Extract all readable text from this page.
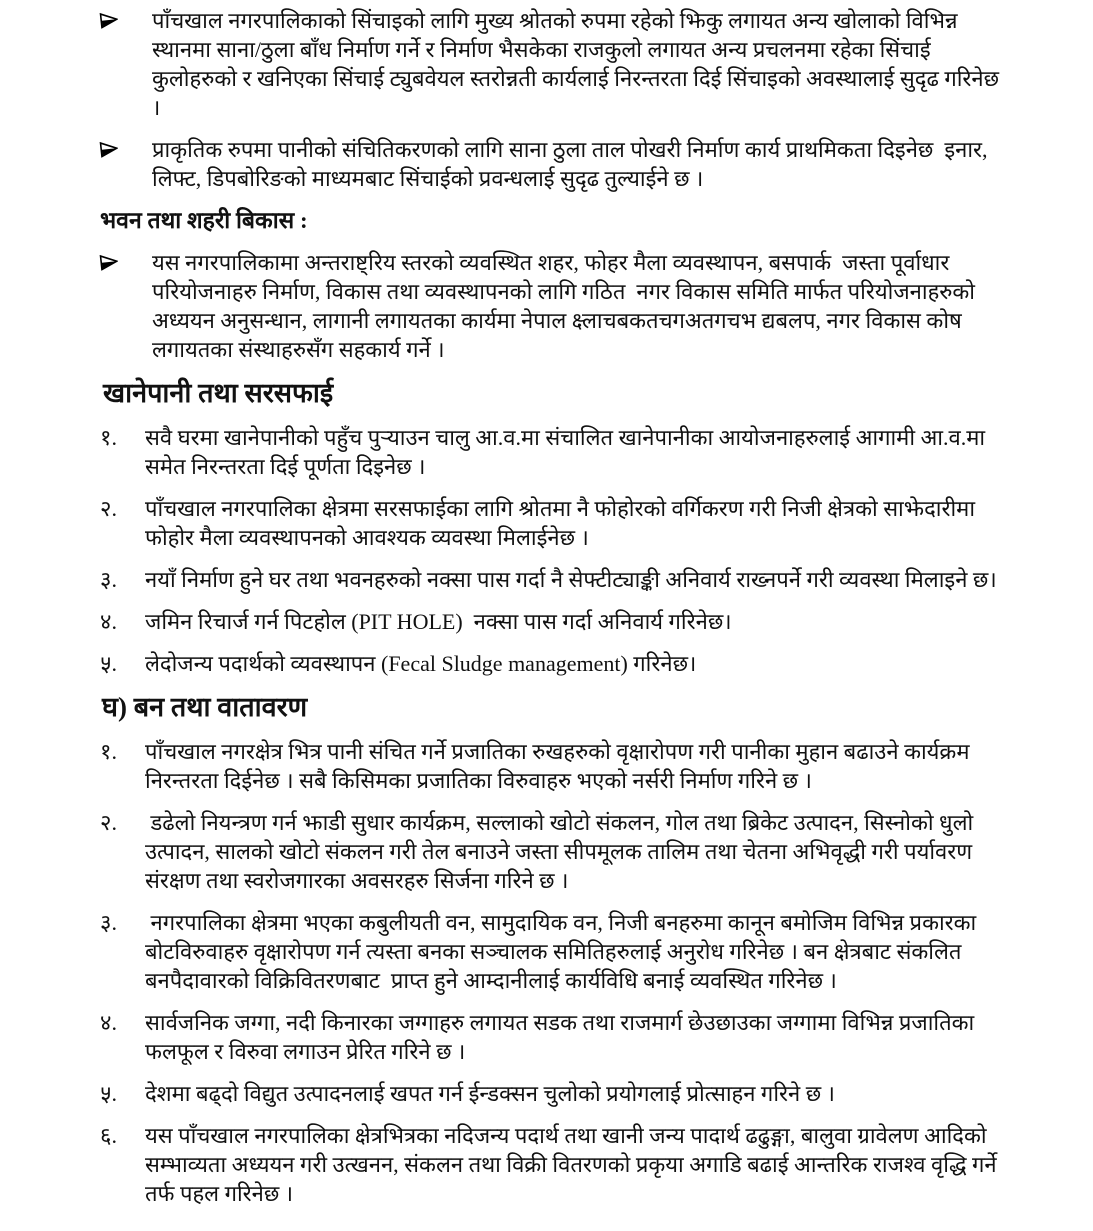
पाँचखाल नगरपालिकाको सिंचाइको लागि मुख्य श्रोतको रुपमा रहेको झिकु लगायत अन्य खोलाको विभिन्न स्थानमा साना/ठुला बाँध निर्माण गर्ने र निर्माण भैसकेका राजकुलो लगायत अन्य प्रचलनमा रहेका सिंचाई कुलोहरुको र खनिएका सिंचाई ट्युबवेयल स्तरोन्नती कार्यलाई निरन्तरता दिई सिंचाइको अवस्थालाई सुदृढ गरिनेछ ।

प्राकृतिक रुपमा पानीको संचितिकरणको लागि साना ठुला ताल पोखरी निर्माण कार्य प्राथमिकता दिइनेछ  इनार, लिफ्ट, डिपबोरिङको माध्यमबाट सिंचाईको प्रवन्धलाई सुदृढ तुल्याईने छ ।

भवन तथा शहरी बिकास :

यस नगरपालिकामा अन्तराष्ट्रिय स्तरको व्यवस्थित शहर, फोहर मैला व्यवस्थापन, बसपार्क  जस्ता पूर्वाधार परियोजनाहरु निर्माण, विकास तथा व्यवस्थापनको लागि गठित  नगर विकास समिति मार्फत परियोजनाहरुको अध्ययन अनुसन्धान, लागानी लगायतका कार्यमा नेपाल क्ष्लाचबकतचगअतगचभ द्यबलप, नगर विकास कोष लगायतका संस्थाहरुसँग सहकार्य गर्ने ।

खानेपानी तथा सरसफाई
१.	सवै घरमा खानेपानीको पहुँच पुर्‍याउन चालु आ.व.मा संचालित खानेपानीका आयोजनाहरुलाई आगामी आ.व.मा   समेत निरन्तरता दिई पूर्णता दिइनेछ ।

२.	पाँचखाल नगरपालिका क्षेत्रमा सरसफाईका लागि श्रोतमा नै फोहोरको वर्गिकरण गरी निजी क्षेत्रको साझेदारीमा फोहोर मैला व्यवस्थापनको आवश्यक व्यवस्था मिलाईनेछ ।

३.	नयाँ निर्माण हुने घर तथा भवनहरुको नक्सा पास गर्दा नै सेफ्टीट्याङ्की अनिवार्य राख्नपर्ने गरी व्यवस्था मिलाइने छ।

४.	जमिन रिचार्ज गर्न पिटहोल (PIT HOLE)  नक्सा पास गर्दा अनिवार्य गरिनेछ।

५.	लेदोजन्य पदार्थको व्यवस्थापन (Fecal Sludge management) गरिनेछ।

घ) बन तथा वातावरण
१.	पाँचखाल नगरक्षेत्र भित्र पानी संचित गर्ने प्रजातिका रुखहरुको वृक्षारोपण गरी पानीका मुहान बढाउने कार्यक्रम निरन्तरता दिईनेछ । सबै किसिमका प्रजातिका विरुवाहरु भएको नर्सरी निर्माण गरिने छ ।

२.	डढेलो नियन्त्रण गर्न झाडी सुधार कार्यक्रम, सल्लाको खोटो संकलन, गोल तथा ब्रिकेट उत्पादन, सिस्नोको धुलो उत्पादन, सालको खोटो संकलन गरी तेल बनाउने जस्ता सीपमूलक तालिम तथा चेतना अभिवृद्धी गरी पर्यावरण संरक्षण तथा स्वरोजगारका अवसरहरु सिर्जना गरिने छ ।

३.	नगरपालिका क्षेत्रमा भएका कबुलीयती वन, सामुदायिक वन, निजी बनहरुमा कानून बमोजिम विभिन्न प्रकारका बोटविरुवाहरु वृक्षारोपण गर्न त्यस्ता बनका सञ्चालक समितिहरुलाई अनुरोध गरिनेछ । बन क्षेत्रबाट संकलित बनपैदावारको विक्रिवितरणबाट  प्राप्त हुने आम्दानीलाई कार्यविधि बनाई व्यवस्थित गरिनेछ ।

४.	सार्वजनिक जग्गा, नदी किनारका जग्गाहरु लगायत सडक तथा राजमार्ग छेउछाउका जग्गामा विभिन्न प्रजातिका फलफूल र विरुवा लगाउन प्रेरित गरिने छ ।

५.	देशमा बढ्दो विद्युत उत्पादनलाई खपत गर्न ईन्डक्सन चुलोको प्रयोगलाई प्रोत्साहन गरिने छ ।

६.	यस पाँचखाल नगरपालिका क्षेत्रभित्रका नदिजन्य पदार्थ तथा खानी जन्य पादार्थ ढढुङ्गा, बालुवा ग्रावेलण आदिको सम्भाव्यता अध्ययन गरी उत्खनन, संकलन तथा विक्री वितरणको प्रकृया अगाडि बढाई आन्तरिक राजश्व वृद्धि गर्ने तर्फ पहल गरिनेछ ।
